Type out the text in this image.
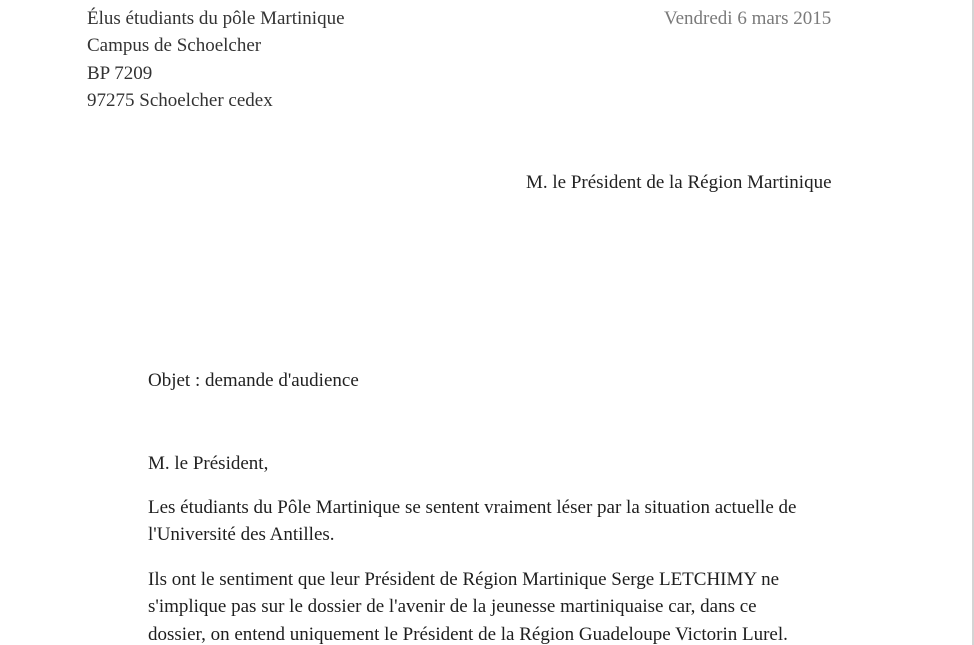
Élus étudiants du pôle Martinique
Campus de Schoelcher
BP 7209
97275 Schoelcher cedex
Vendredi 6 mars 2015
M. le Président de la Région Martinique
Objet : demande d'audience
M. le Président,
Les étudiants du Pôle Martinique se sentent vraiment léser par la situation actuelle de
l'Université des Antilles.
Ils ont le sentiment que leur Président de Région Martinique Serge LETCHIMY ne
s'implique pas sur le dossier de l'avenir de la jeunesse martiniquaise car, dans ce
dossier, on entend uniquement le Président de la Région Guadeloupe Victorin Lurel.
